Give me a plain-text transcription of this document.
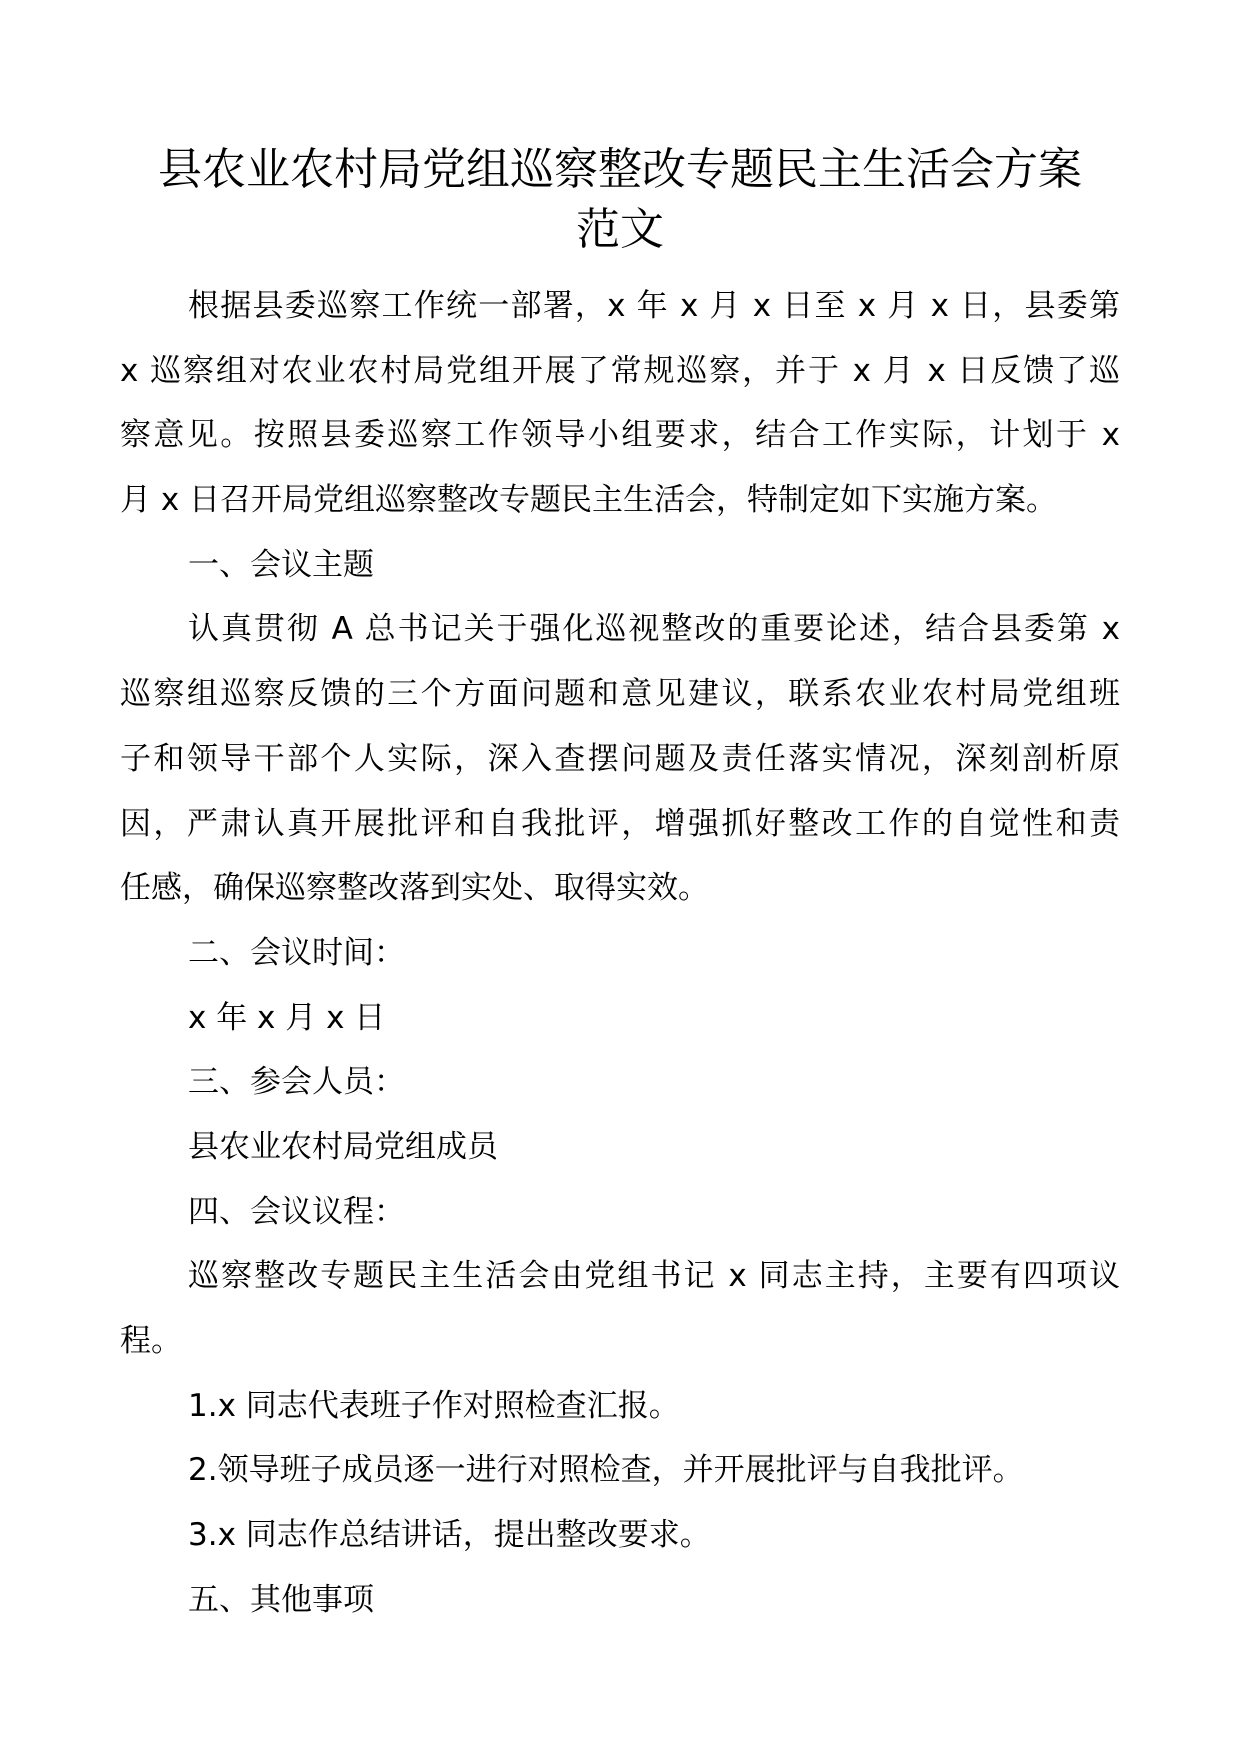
县农业农村局党组巡察整改专题民主生活会方案
范文
根据县委巡察工作统一部署，x 年 x 月 x 日至 x 月 x 日，县委第
x 巡察组对农业农村局党组开展了常规巡察，并于 x 月 x 日反馈了巡
察意见。按照县委巡察工作领导小组要求，结合工作实际，计划于 x
月 x 日召开局党组巡察整改专题民主生活会，特制定如下实施方案。
一、会议主题
认真贯彻 A 总书记关于强化巡视整改的重要论述，结合县委第 x
巡察组巡察反馈的三个方面问题和意见建议，联系农业农村局党组班
子和领导干部个人实际，深入查摆问题及责任落实情况，深刻剖析原
因，严肃认真开展批评和自我批评，增强抓好整改工作的自觉性和责
任感，确保巡察整改落到实处、取得实效。
二、会议时间：
x 年 x 月 x 日
三、参会人员：
县农业农村局党组成员
四、会议议程：
巡察整改专题民主生活会由党组书记 x 同志主持，主要有四项议
程。
1.x 同志代表班子作对照检查汇报。
2.领导班子成员逐一进行对照检查，并开展批评与自我批评。
3.x 同志作总结讲话，提出整改要求。
五、其他事项
